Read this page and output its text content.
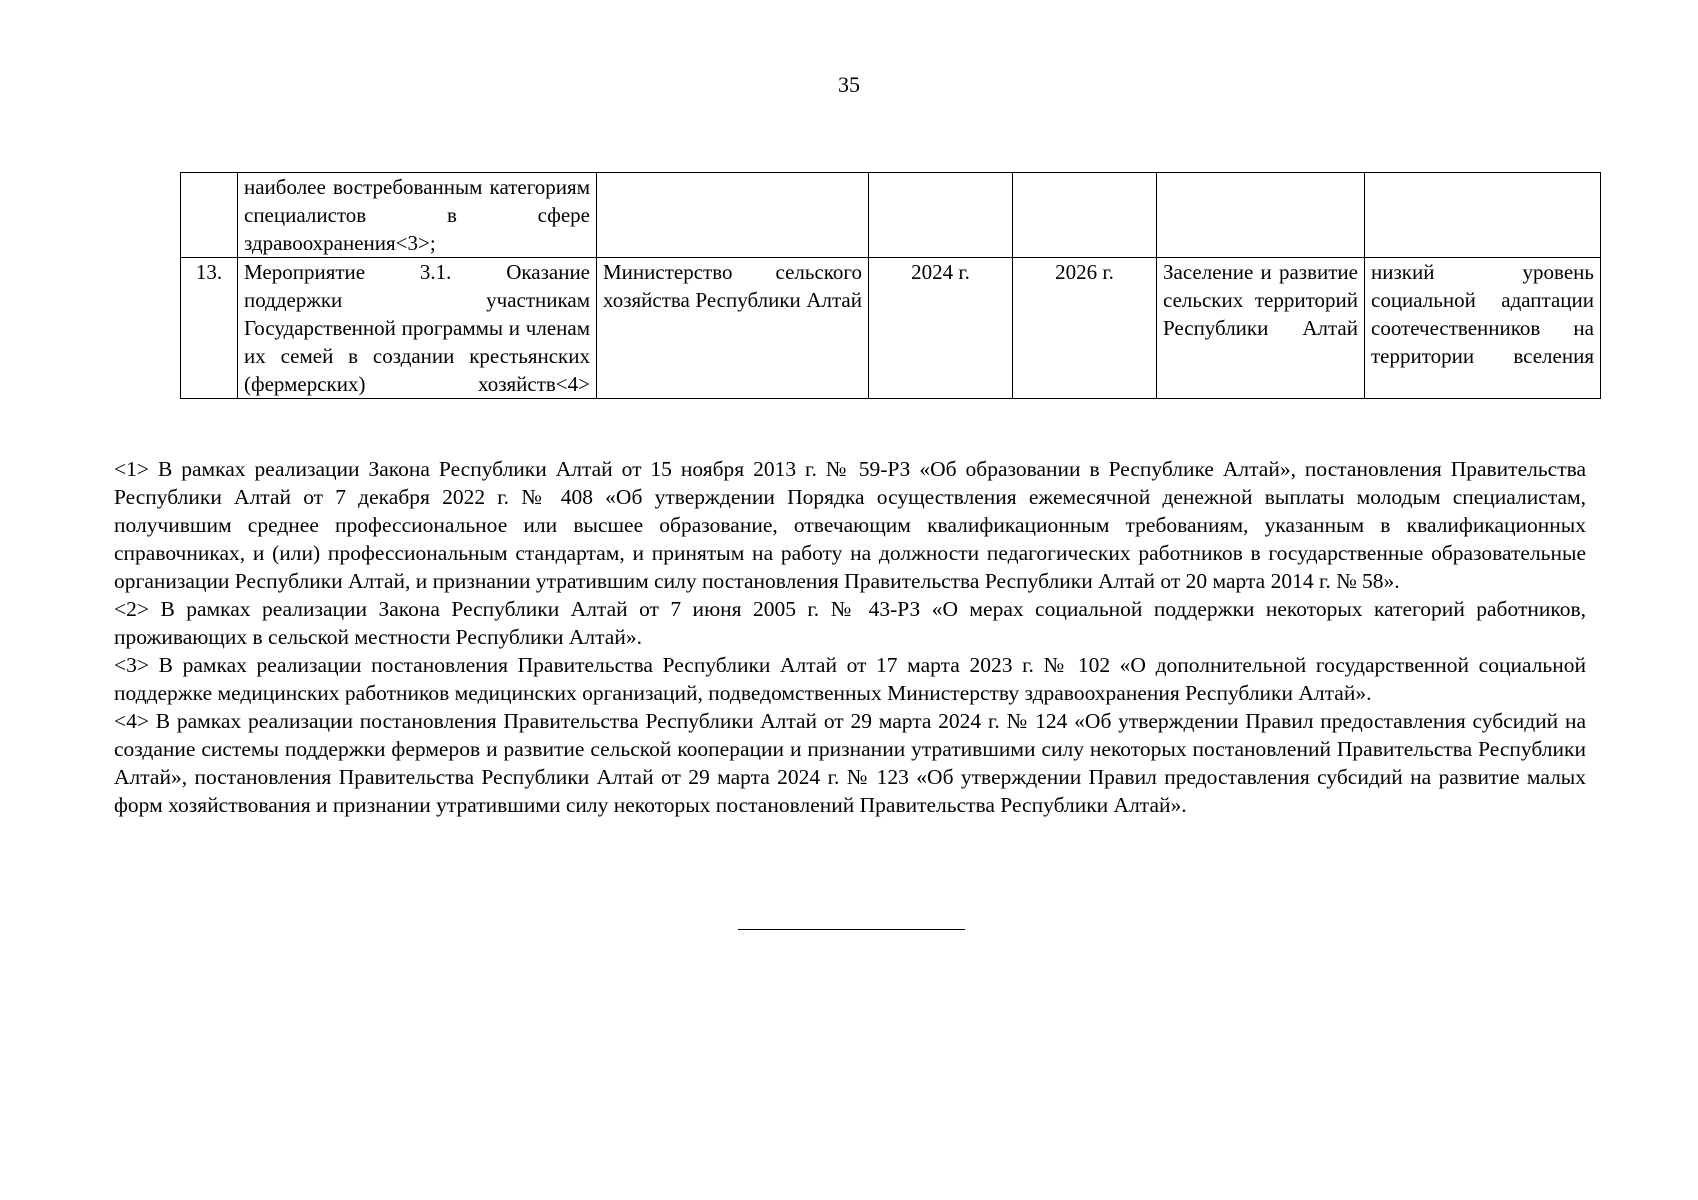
35
	наиболее востребованным категориям специалистов в сфере здравоохранения<3>;					
13.	Мероприятие 3.1. Оказание поддержки участникам Государственной программы и членам их семей в создании крестьянских (фермерских) хозяйств<4>	Министерство сельского хозяйства Республики Алтай	2024 г.	2026 г.	Заселение и развитие сельских территорий Республики Алтай	низкий уровень социальной адаптации соотечественников на территории вселения

<1> В рамках реализации Закона Республики Алтай от 15 ноября 2013 г. № 59-РЗ «Об образовании в Республике Алтай», постановления Правительства Республики Алтай от 7 декабря 2022 г. № 408 «Об утверждении Порядка осуществления ежемесячной денежной выплаты молодым специалистам, получившим среднее профессиональное или высшее образование, отвечающим квалификационным требованиям, указанным в квалификационных справочниках, и (или) профессиональным стандартам, и принятым на работу на должности педагогических работников в государственные образовательные организации Республики Алтай, и признании утратившим силу постановления Правительства Республики Алтай от 20 марта 2014 г. № 58».

<2> В рамках реализации Закона Республики Алтай от 7 июня 2005 г. № 43-РЗ «О мерах социальной поддержки некоторых категорий работников, проживающих в сельской местности Республики Алтай».

<3> В рамках реализации постановления Правительства Республики Алтай от 17 марта 2023 г. № 102 «О дополнительной государственной социальной поддержке медицинских работников медицинских организаций, подведомственных Министерству здравоохранения Республики Алтай».

<4> В рамках реализации постановления Правительства Республики Алтай от 29 марта 2024 г. № 124 «Об утверждении Правил предоставления субсидий на создание системы поддержки фермеров и развитие сельской кооперации и признании утратившими силу некоторых постановлений Правительства Республики Алтай», постановления Правительства Республики Алтай от 29 марта 2024 г. № 123 «Об утверждении Правил предоставления субсидий на развитие малых форм хозяйствования и признании утратившими силу некоторых постановлений Правительства Республики Алтай».
